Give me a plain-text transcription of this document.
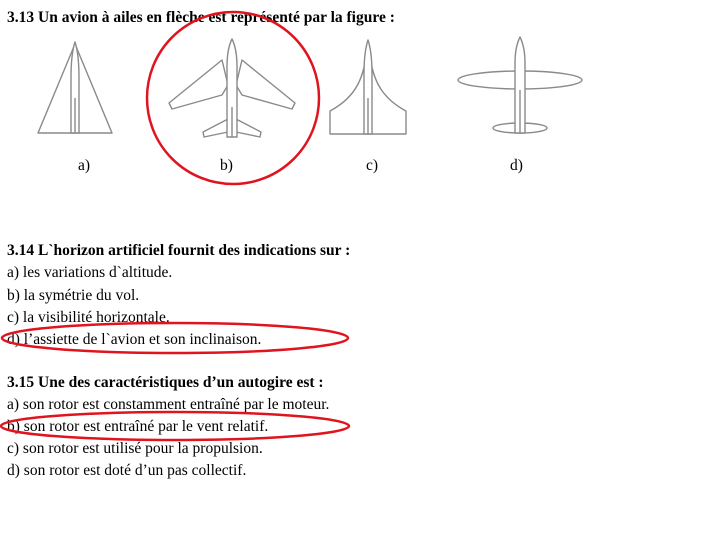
3.13 Un avion à ailes en flèche est représenté par la figure :
a)	b)	c)	d)
3.14 L`horizon artificiel fournit des indications sur :
a) les variations d`altitude.
b) la symétrie du vol.
c) la visibilité horizontale.
d) l’assiette de l`avion et son inclinaison.
3.15 Une des caractéristiques d’un autogire est :
a) son rotor est constamment entraîné par le moteur.
b) son rotor est entraîné par le vent relatif.
c) son rotor est utilisé pour la propulsion.
d) son rotor est doté d’un pas collectif.
